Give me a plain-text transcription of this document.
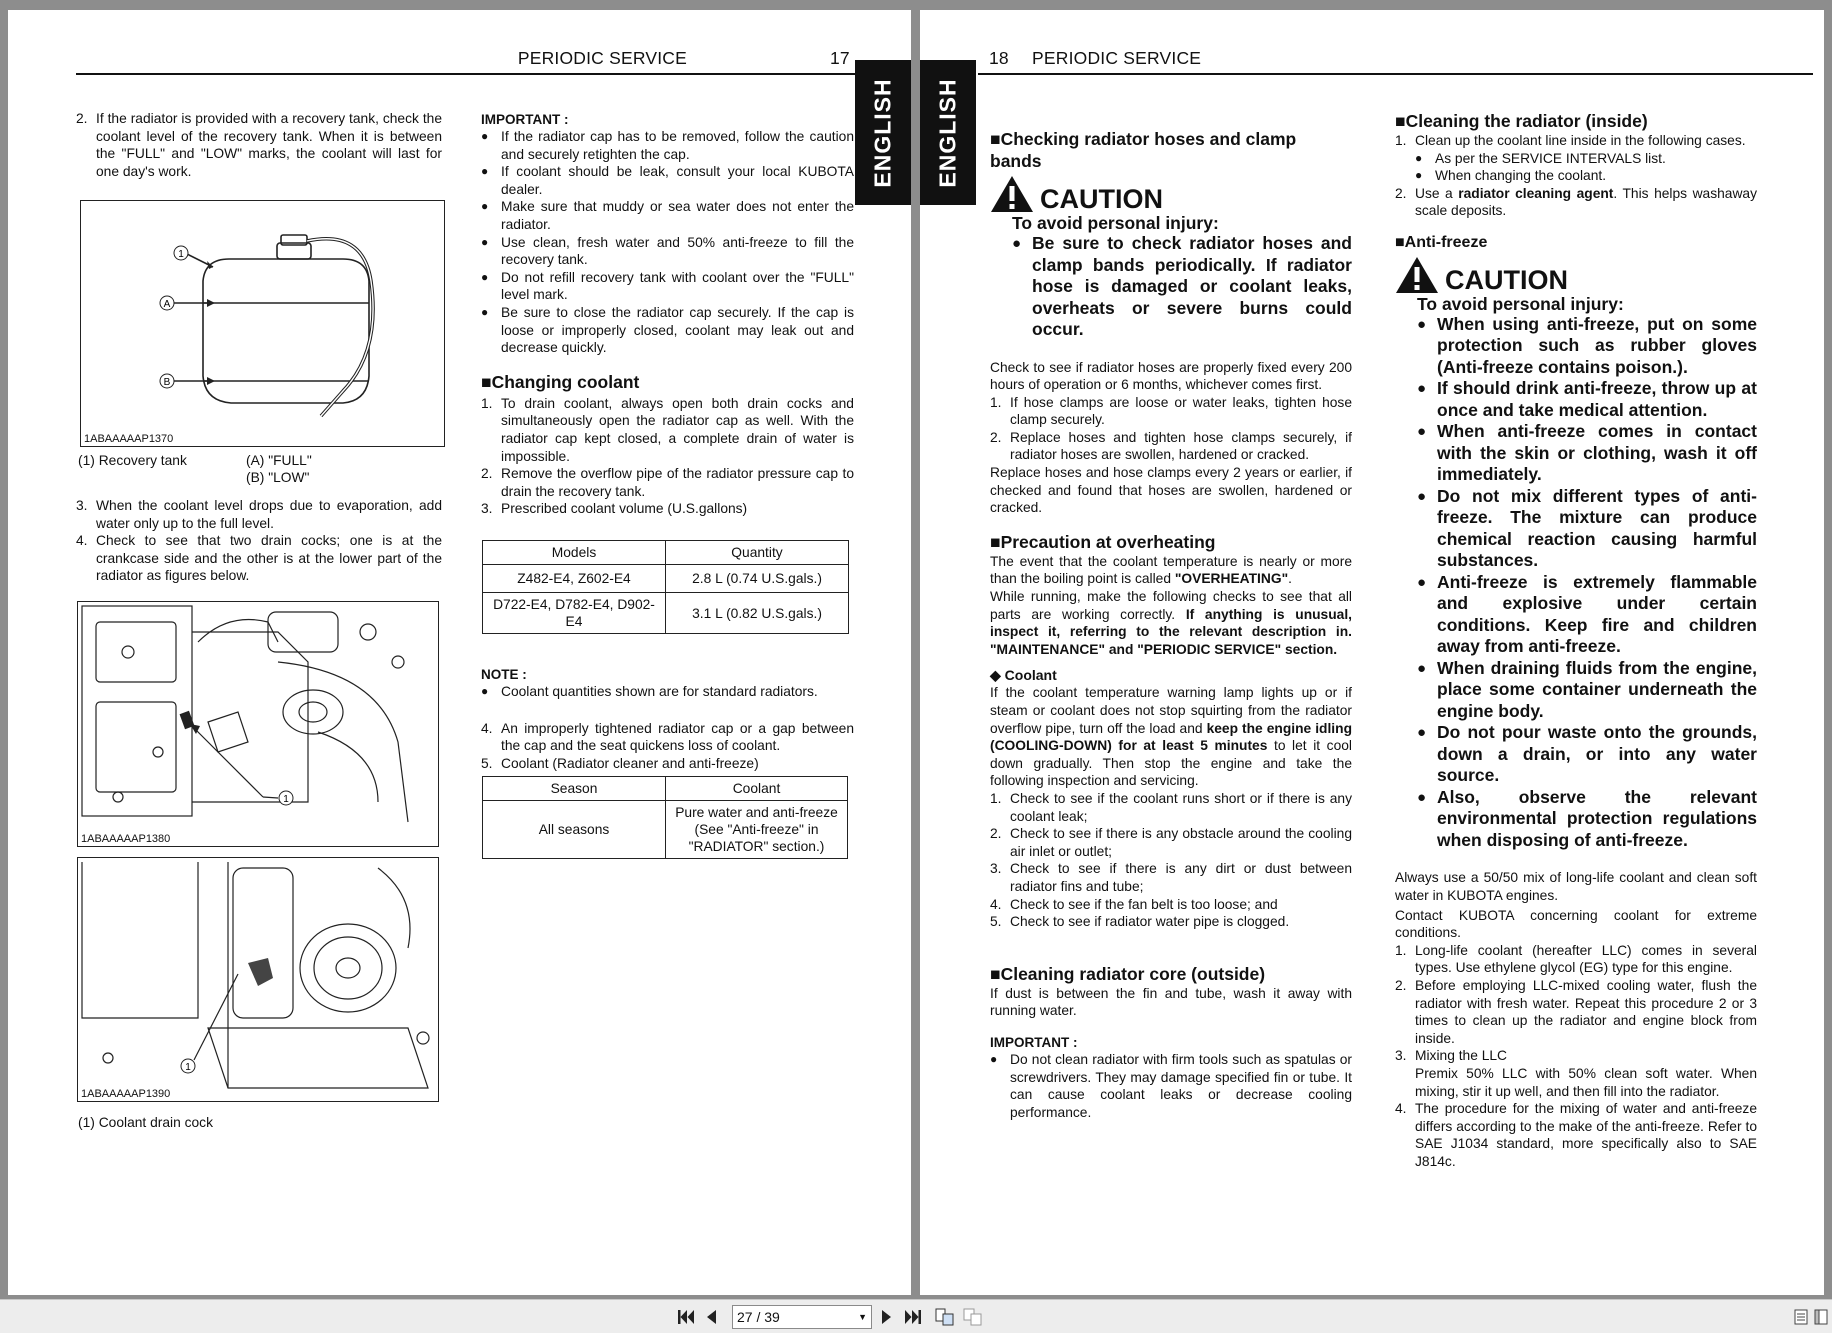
PERIODIC SERVICE	17
ENGLISH
2. If the radiator is provided with a recovery tank, check the coolant level of the recovery tank. When it is between the "FULL" and "LOW" marks, the coolant will last for one day's work.
1
A
B
1ABAAAAAP1370
(1) Recovery tank	(A) "FULL"
(B) "LOW"
3. When the coolant level drops due to evaporation, add water only up to the full level.
4. Check to see that two drain cocks; one is at the crankcase side and the other is at the lower part of the radiator as figures below.
1
1ABAAAAAP1380
1
1ABAAAAAP1390
(1) Coolant drain cock
IMPORTANT :
● If the radiator cap has to be removed, follow the caution and securely retighten the cap.
● If coolant should be leak, consult your local KUBOTA dealer.
● Make sure that muddy or sea water does not enter the radiator.
● Use clean, fresh water and 50% anti-freeze to fill the recovery tank.
● Do not refill recovery tank with coolant over the "FULL" level mark.
● Be sure to close the radiator cap securely. If the cap is loose or improperly closed, coolant may leak out and decrease quickly.
■Changing coolant
1. To drain coolant, always open both drain cocks and simultaneously open the radiator cap as well. With the radiator cap kept closed, a complete drain of water is impossible.
2. Remove the overflow pipe of the radiator pressure cap to drain the recovery tank.
3. Prescribed coolant volume (U.S.gallons)
Models	Quantity
Z482-E4, Z602-E4	2.8 L (0.74 U.S.gals.)
D722-E4, D782-E4, D902-E4	3.1 L (0.82 U.S.gals.)
NOTE :
● Coolant quantities shown are for standard radiators.
4. An improperly tightened radiator cap or a gap between the cap and the seat quickens loss of coolant.
5. Coolant (Radiator cleaner and anti-freeze)
Season	Coolant
All seasons	Pure water and anti-freeze (See "Anti-freeze" in "RADIATOR" section.)
18 PERIODIC SERVICE
ENGLISH ■Checking radiator hoses and clamp bands
CAUTION
To avoid personal injury:
● Be sure to check radiator hoses and clamp bands periodically. If radiator hose is damaged or coolant leaks, overheats or severe burns could occur.
Check to see if radiator hoses are properly fixed every 200 hours of operation or 6 months, whichever comes first.
1. If hose clamps are loose or water leaks, tighten hose clamp securely.
2. Replace hoses and tighten hose clamps securely, if radiator hoses are swollen, hardened or cracked.
Replace hoses and hose clamps every 2 years or earlier, if checked and found that hoses are swollen, hardened or cracked.
■Precaution at overheating
The event that the coolant temperature is nearly or more than the boiling point is called "OVERHEATING".
While running, make the following checks to see that all parts are working correctly. If anything is unusual, inspect it, referring to the relevant description in. "MAINTENANCE" and "PERIODIC SERVICE" section.
◆ Coolant
If the coolant temperature warning lamp lights up or if steam or coolant does not stop squirting from the radiator overflow pipe, turn off the load and keep the engine idling (COOLING-DOWN) for at least 5 minutes to let it cool down gradually. Then stop the engine and take the following inspection and servicing.
1. Check to see if the coolant runs short or if there is any coolant leak;
2. Check to see if there is any obstacle around the cooling air inlet or outlet;
3. Check to see if there is any dirt or dust between radiator fins and tube;
4. Check to see if the fan belt is too loose; and
5. Check to see if radiator water pipe is clogged.
■Cleaning radiator core (outside)
If dust is between the fin and tube, wash it away with running water.
IMPORTANT :
● Do not clean radiator with firm tools such as spatulas or screwdrivers. They may damage specified fin or tube. It can cause coolant leaks or decrease cooling performance.
■Cleaning the radiator (inside)
1. Clean up the coolant line inside in the following cases.
● As per the SERVICE INTERVALS list.
● When changing the coolant.
2. Use a radiator cleaning agent. This helps washaway scale deposits.
■Anti-freeze
CAUTION
To avoid personal injury:
● When using anti-freeze, put on some protection such as rubber gloves (Anti-freeze contains poison.).
● If should drink anti-freeze, throw up at once and take medical attention.
● When anti-freeze comes in contact with the skin or clothing, wash it off immediately.
● Do not mix different types of anti-freeze. The mixture can produce chemical reaction causing harmful substances.
● Anti-freeze is extremely flammable and explosive under certain conditions. Keep fire and children away from anti-freeze.
● When draining fluids from the engine, place some container underneath the engine body.
● Do not pour waste onto the grounds, down a drain, or into any water source.
● Also, observe the relevant environmental protection regulations when disposing of anti-freeze.
Always use a 50/50 mix of long-life coolant and clean soft water in KUBOTA engines.
Contact KUBOTA concerning coolant for extreme conditions.
1. Long-life coolant (hereafter LLC) comes in several types. Use ethylene glycol (EG) type for this engine.
2. Before employing LLC-mixed cooling water, flush the radiator with fresh water. Repeat this procedure 2 or 3 times to clean up the radiator and engine block from inside.
3. Mixing the LLC
Premix 50% LLC with 50% clean soft water. When mixing, stir it up well, and then fill into the radiator.
4. The procedure for the mixing of water and anti-freeze differs according to the make of the anti-freeze. Refer to SAE J1034 standard, more specifically also to SAE J814c.
27 / 39	▼
